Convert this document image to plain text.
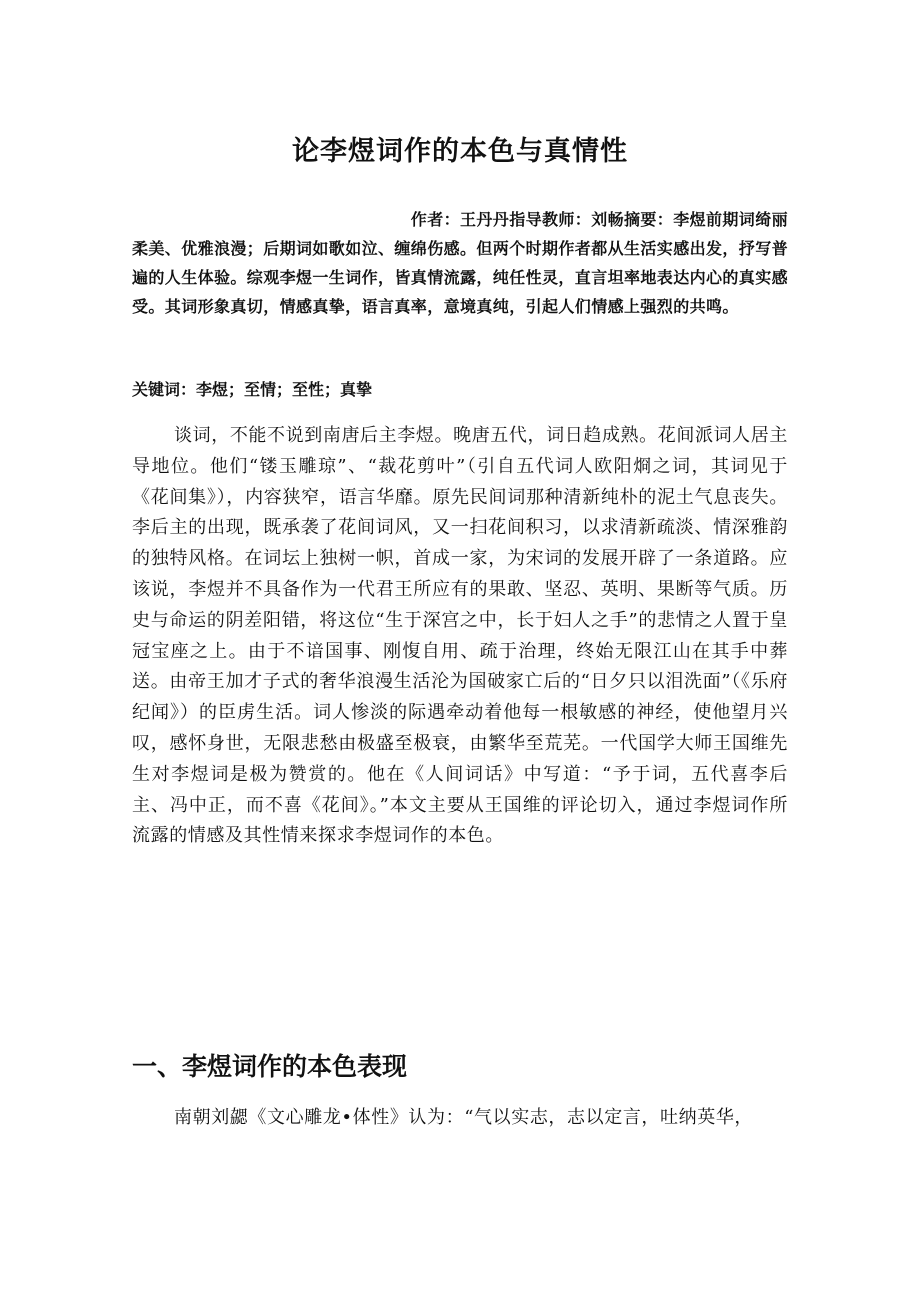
论李煜词作的本色与真情性
作者：王丹丹指导教师：刘畅摘要：李煜前期词绮丽
柔美、优雅浪漫；后期词如歌如泣、缠绵伤感。但两个时期作者都从生活实感出发，抒写普遍的人生体验。综观李煜一生词作，皆真情流露，纯任性灵，直言坦率地表达内心的真实感受。其词形象真切，情感真挚，语言真率，意境真纯，引起人们情感上强烈的共鸣。
关键词：李煜；至情；至性；真挚

谈词，不能不说到南唐后主李煜。晚唐五代，词日趋成熟。花间派词人居主导地位。他们“镂玉雕琼”、“裁花剪叶”（引自五代词人欧阳烱之词，其词见于《花间集》），内容狭窄，语言华靡。原先民间词那种清新纯朴的泥土气息丧失。李后主的出现，既承袭了花间词风，又一扫花间积习，以求清新疏淡、情深雅韵的独特风格。在词坛上独树一帜，首成一家，为宋词的发展开辟了一条道路。应该说，李煜并不具备作为一代君王所应有的果敢、坚忍、英明、果断等气质。历史与命运的阴差阳错，将这位“生于深宫之中，长于妇人之手”的悲情之人置于皇冠宝座之上。由于不谙国事、刚愎自用、疏于治理，终始无限江山在其手中葬送。由帝王加才子式的奢华浪漫生活沦为国破家亡后的“日夕只以泪洗面”（《乐府纪闻》）的臣虏生活。词人惨淡的际遇牵动着他每一根敏感的神经，使他望月兴叹，感怀身世，无限悲愁由极盛至极衰，由繁华至荒芜。一代国学大师王国维先生对李煜词是极为赞赏的。他在《人间词话》中写道：“予于词，五代喜李后主、冯中正，而不喜《花间》。”本文主要从王国维的评论切入，通过李煜词作所流露的情感及其性情来探求李煜词作的本色。

一、李煜词作的本色表现

南朝刘勰《文心雕龙•体性》认为：“气以实志，志以定言，吐纳英华，
